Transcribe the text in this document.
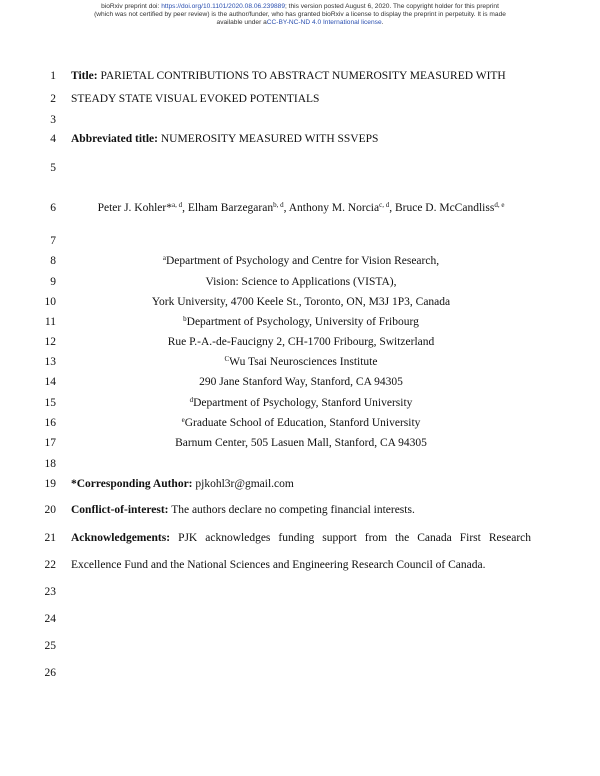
bioRxiv preprint doi: https://doi.org/10.1101/2020.08.06.239889; this version posted August 6, 2020. The copyright holder for this preprint
(which was not certified by peer review) is the author/funder, who has granted bioRxiv a license to display the preprint in perpetuity. It is made
available under aCC-BY-NC-ND 4.0 International license.
1
2
3
4
5
6
7
8
9
10
11
12
13
14
15
16
17
18
19
20
21
22
23
24
25
26
Title: PARIETAL CONTRIBUTIONS TO ABSTRACT NUMEROSITY MEASURED WITH
STEADY STATE VISUAL EVOKED POTENTIALS
Abbreviated title: NUMEROSITY MEASURED WITH SSVEPS
Peter J. Kohler*$^{a, d}$, Elham Barzegaran$^{b, d}$, Anthony M. Norcia$^{c, d}$, Bruce D. McCandliss$^{d, e}$
$^a$Department of Psychology and Centre for Vision Research,
Vision: Science to Applications (VISTA),
York University, 4700 Keele St., Toronto, ON, M3J 1P3, Canada
$^b$Department of Psychology, University of Fribourg
Rue P.-A.-de-Faucigny 2, CH-1700 Fribourg, Switzerland
$^C$Wu Tsai Neurosciences Institute
290 Jane Stanford Way, Stanford, CA 94305
$^d$Department of Psychology, Stanford University
$^e$Graduate School of Education, Stanford University
Barnum Center, 505 Lasuen Mall, Stanford, CA 94305
*Corresponding Author: pjkohl3r@gmail.com
Conflict-of-interest: The authors declare no competing financial interests.
Acknowledgements: PJK acknowledges funding support from the Canada First Research
Excellence Fund and the National Sciences and Engineering Research Council of Canada.
